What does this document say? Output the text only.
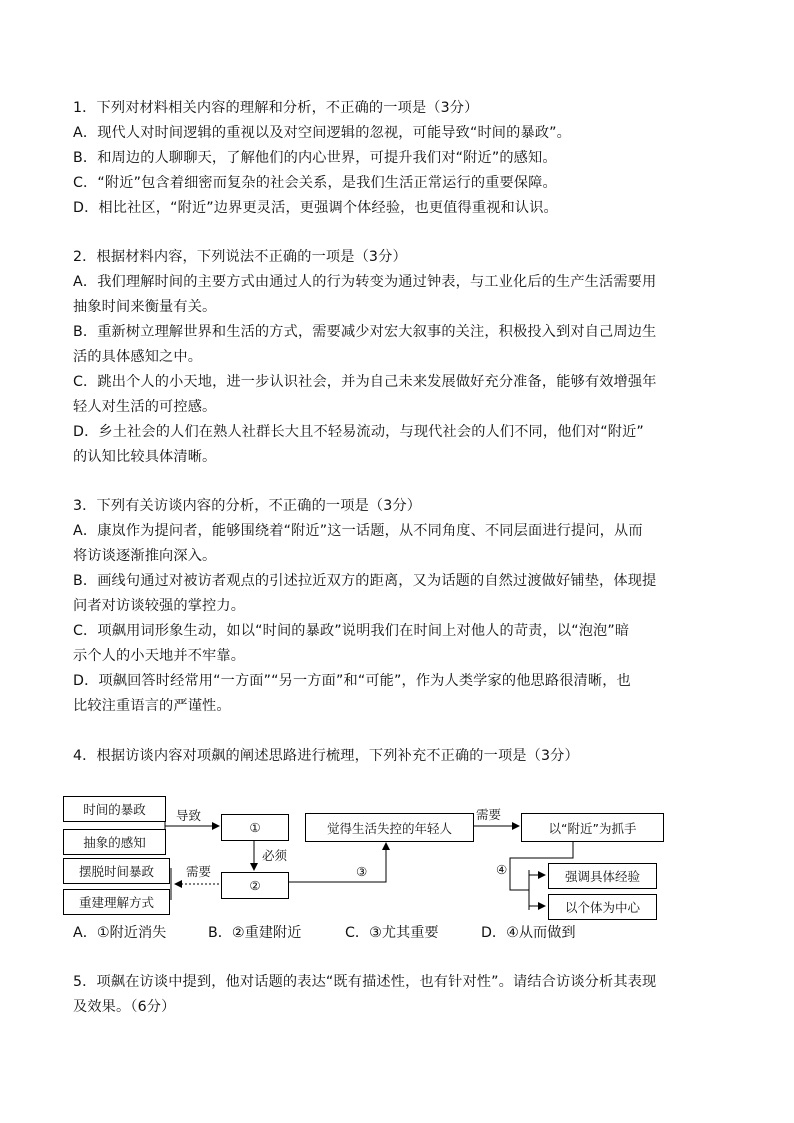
1．下列对材料相关内容的理解和分析，不正确的一项是（3分）
A．现代人对时间逻辑的重视以及对空间逻辑的忽视，可能导致“时间的暴政”。
B．和周边的人聊聊天，了解他们的内心世界，可提升我们对“附近”的感知。
C．“附近”包含着细密而复杂的社会关系，是我们生活正常运行的重要保障。
D．相比社区，“附近”边界更灵活，更强调个体经验，也更值得重视和认识。
2．根据材料内容，下列说法不正确的一项是（3分）
A．我们理解时间的主要方式由通过人的行为转变为通过钟表，与工业化后的生产生活需要用
抽象时间来衡量有关。
B．重新树立理解世界和生活的方式，需要减少对宏大叙事的关注，积极投入到对自己周边生
活的具体感知之中。
C．跳出个人的小天地，进一步认识社会，并为自己未来发展做好充分准备，能够有效增强年
轻人对生活的可控感。
D．乡土社会的人们在熟人社群长大且不轻易流动，与现代社会的人们不同，他们对“附近”
的认知比较具体清晰。
3．下列有关访谈内容的分析，不正确的一项是（3分）
A．康岚作为提问者，能够围绕着“附近”这一话题，从不同角度、不同层面进行提问，从而
将访谈逐渐推向深入。
B．画线句通过对被访者观点的引述拉近双方的距离，又为话题的自然过渡做好铺垫，体现提
问者对访谈较强的掌控力。
C．项飙用词形象生动，如以“时间的暴政”说明我们在时间上对他人的苛责，以“泡泡”暗
示个人的小天地并不牢靠。
D．项飙回答时经常用“一方面”“另一方面”和“可能”，作为人类学家的他思路很清晰，也
比较注重语言的严谨性。
4．根据访谈内容对项飙的阐述思路进行梳理，下列补充不正确的一项是（3分）
时间的暴政
抽象的感知
摆脱时间暴政
重建理解方式
①
②
觉得生活失控的年轻人	以“附近”为抓手
强调具体经验
以个体为中心
导致
必须
需要
需要
③	④
A．①附近消失	B．②重建附近	C．③尤其重要	D．④从而做到
5．项飙在访谈中提到，他对话题的表达“既有描述性，也有针对性”。请结合访谈分析其表现
及效果。（6分）
